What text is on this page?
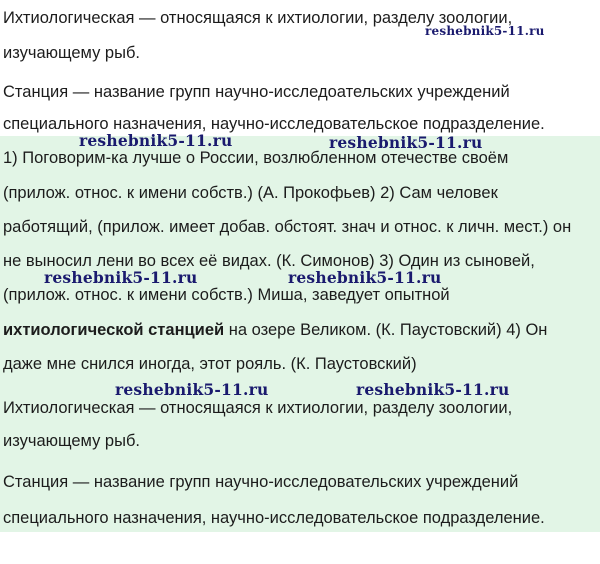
Ихтиологическая — относящаяся к ихтиологии, разделу зоологии,
изучающему рыб.
Станция — название групп научно-исследоательских учреждений
специального назначения, научно-исследовательское подразделение.
1) Поговорим-ка лучше о России, возлюбленном отечестве своём
(прилож. относ. к имени собств.) (А. Прокофьев) 2) Сам человек
работящий, (прилож. имеет добав. обстоят. знач и относ. к личн. мест.) он
не выносил лени во всех её видах. (К. Симонов) 3) Один из сыновей,
(прилож. относ. к имени собств.) Миша, заведует опытной
ихтиологической станцией на озере Великом. (К. Паустовский) 4) Он
даже мне снился иногда, этот рояль. (К. Паустовский)
Ихтиологическая — относящаяся к ихтиологии, разделу зоологии,
изучающему рыб.
Станция — название групп научно-исследовательских учреждений
специального назначения, научно-исследовательское подразделение.
reshebnik5-11.ru
reshebnik5-11.ru	reshebnik5-11.ru
reshebnik5-11.ru	reshebnik5-11.ru
reshebnik5-11.ru	reshebnik5-11.ru
